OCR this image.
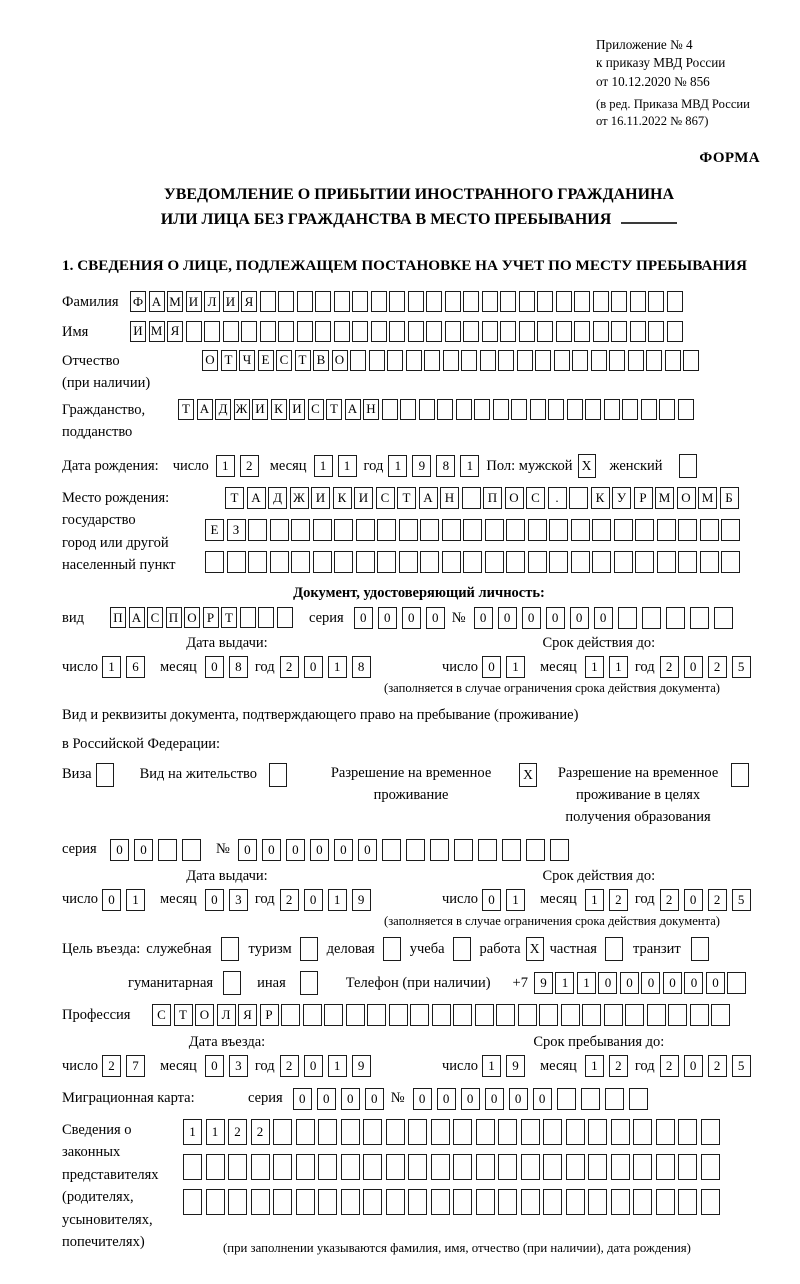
Приложение № 4
к приказу МВД России
от 10.12.2020 № 856
(в ред. Приказа МВД России
от 16.11.2022 № 867)
ФОРМА
УВЕДОМЛЕНИЕ О ПРИБЫТИИ ИНОСТРАННОГО ГРАЖДАНИНА
ИЛИ ЛИЦА БЕЗ ГРАЖДАНСТВА В МЕСТО ПРЕБЫВАНИЯ
1. СВЕДЕНИЯ О ЛИЦЕ, ПОДЛЕЖАЩЕМ ПОСТАНОВКЕ НА УЧЕТ ПО МЕСТУ ПРЕБЫВАНИЯ
Фамилия	Ф А М И Л И Я
Имя	И М Я
Отчество
(при наличии)
О Т Ч Е С Т В О
Гражданство,
подданство
Т А Д Ж И К И С Т А Н
Дата рождения: число	1	2	месяц	1	1 год 1	9	8	1 Пол: мужской X женский
Место рождения:
государство
город или другой
населенный пункт
Т А Д Ж И К И С	Т А Н	П О С	.	К У	Р М О М Б
Е	З
Документ, удостоверяющий личность:
вид	П А С П О Р Т	серия	0	0	0	0 №	0	0	0	0	0	0
Дата выдачи:
число 1	6	месяц	0	8 год 2	0	1	8
Срок действия до:
число 0	1	месяц	1	1 год 2	0	2	5
(заполняется в случае ограничения срока действия документа)
Вид и реквизиты документа, подтверждающего право на пребывание (проживание)
в Российской Федерации:
Виза	Вид на жительство	Разрешение на временное
проживание
X	Разрешение на временное
проживание в целях
получения образования
серия	0	0	№	0	0	0	0	0	0
Дата выдачи:
число 0	1	месяц	0	3 год 2	0	1	9
Срок действия до:
число 0	1	месяц	1	2 год 2	0	2	5
(заполняется в случае ограничения срока действия документа)
Цель въезда: служебная	туризм деловая учеба работа X частная транзит
гуманитарная	иная	Телефон (при наличии) +7 9	1	1	0	0	0	0	0	0
Профессия	С	Т О Л Я	Р
Дата въезда:
число 2	7	месяц	0	3 год 2	0	1	9
Срок пребывания до:
число 1	9	месяц	1	2 год 2	0	2	5
Миграционная карта:	серия	0	0	0	0 №	0	0	0	0	0	0
Сведения о
законных
представителях
(родителях,
усыновителях,
попечителях)
1	1	2	2
(при заполнении указываются фамилия, имя, отчество (при наличии), дата рождения)
